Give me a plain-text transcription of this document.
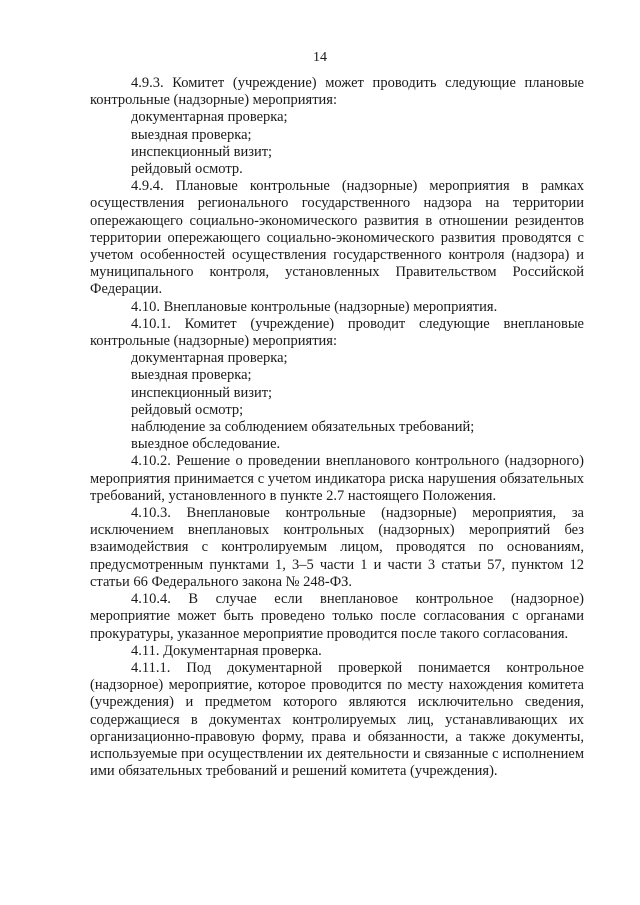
14

4.9.3. Комитет (учреждение) может проводить следующие плановые контрольные (надзорные) мероприятия:

документарная проверка;

выездная проверка;

инспекционный визит;

рейдовый осмотр.

4.9.4. Плановые контрольные (надзорные) мероприятия в рамках осуществления регионального государственного надзора на территории опережающего социально-экономического развития в отношении резидентов территории опережающего социально-экономического развития проводятся с учетом особенностей осуществления государственного контроля (надзора) и муниципального контроля, установленных Правительством Российской Федерации.

4.10. Внеплановые контрольные (надзорные) мероприятия.

4.10.1. Комитет (учреждение) проводит следующие внеплановые контрольные (надзорные) мероприятия:

документарная проверка;

выездная проверка;

инспекционный визит;

рейдовый осмотр;

наблюдение за соблюдением обязательных требований;

выездное обследование.

4.10.2. Решение о проведении внепланового контрольного (надзорного) мероприятия принимается с учетом индикатора риска нарушения обязательных требований, установленного в пункте 2.7 настоящего Положения.

4.10.3. Внеплановые контрольные (надзорные) мероприятия, за исключением внеплановых контрольных (надзорных) мероприятий без взаимодействия с контролируемым лицом, проводятся по основаниям, предусмотренным пунктами 1, 3–5 части 1 и части 3 статьи 57, пунктом 12 статьи 66 Федерального закона № 248-ФЗ.

4.10.4. В случае если внеплановое контрольное (надзорное) мероприятие может быть проведено только после согласования с органами прокуратуры, указанное мероприятие проводится после такого согласования.

4.11. Документарная проверка.

4.11.1. Под документарной проверкой понимается контрольное (надзорное) мероприятие, которое проводится по месту нахождения комитета (учреждения) и предметом которого являются исключительно сведения, содержащиеся в документах контролируемых лиц, устанавливающих их организационно-правовую форму, права и обязанности, а также документы, используемые при осуществлении их деятельности и связанные с исполнением ими обязательных требований и решений комитета (учреждения).
